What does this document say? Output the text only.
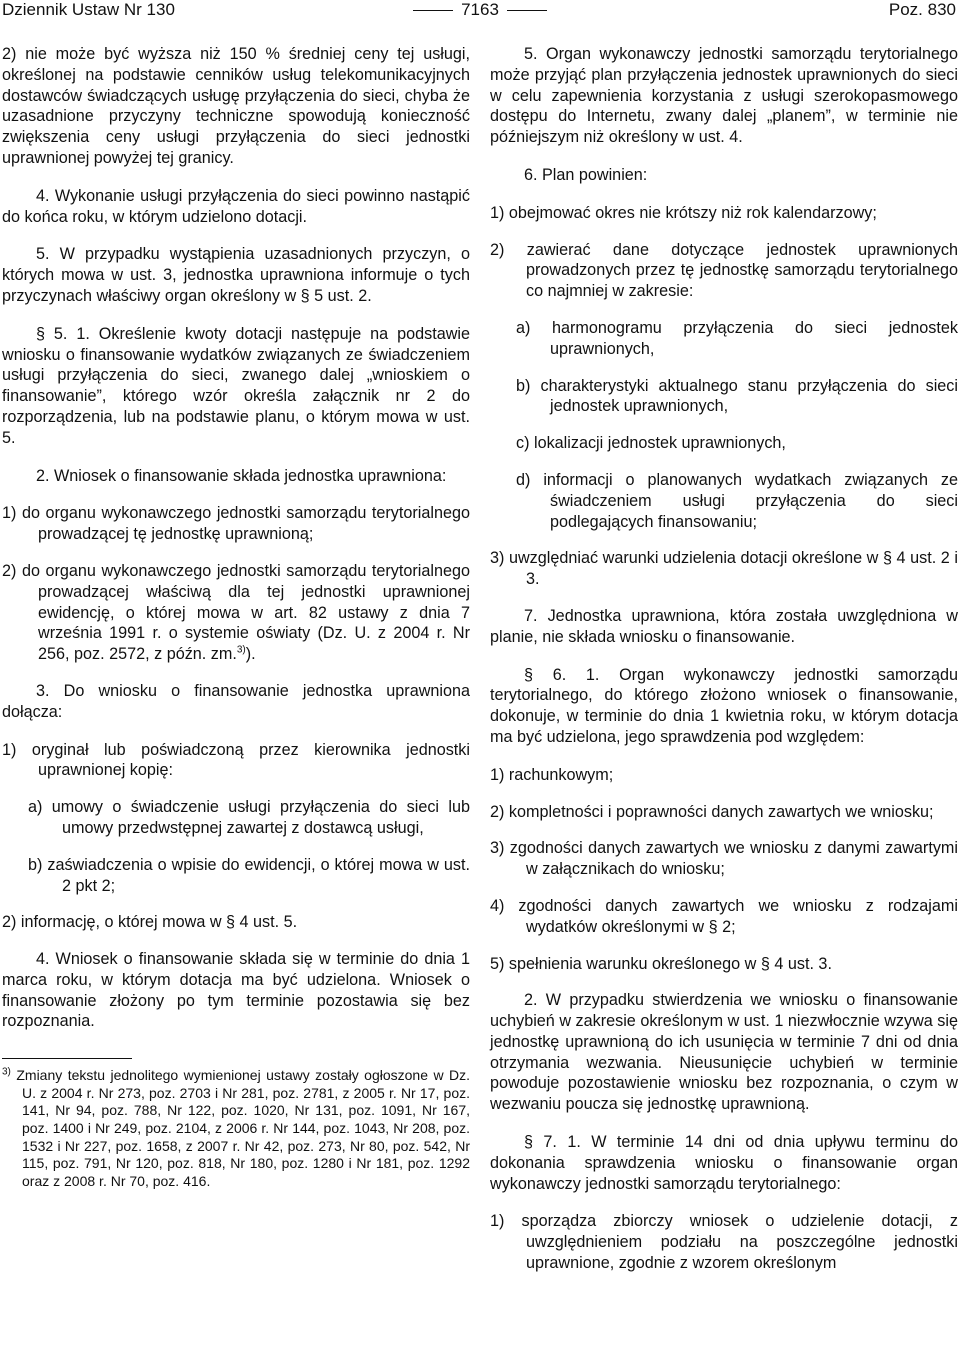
Dziennik Ustaw Nr 130	7163	Poz. 830

2) nie może być wyższa niż 150 % średniej ceny tej usługi, określonej na podstawie cenników usług telekomunikacyjnych dostawców świadczących usługę przyłączenia do sieci, chyba że uzasadnione przyczyny techniczne spowodują konieczność zwiększenia ceny usługi przyłączenia do sieci jednostki uprawnionej powyżej tej granicy.

4. Wykonanie usługi przyłączenia do sieci powinno nastąpić do końca roku, w którym udzielono dotacji.

5. W przypadku wystąpienia uzasadnionych przyczyn, o których mowa w ust. 3, jednostka uprawniona informuje o tych przyczynach właściwy organ określony w § 5 ust. 2.

§ 5. 1. Określenie kwoty dotacji następuje na podstawie wniosku o finansowanie wydatków związanych ze świadczeniem usługi przyłączenia do sieci, zwanego dalej „wnioskiem o finansowanie”, którego wzór określa załącznik nr 2 do rozporządzenia, lub na podstawie planu, o którym mowa w ust. 5.

2. Wniosek o finansowanie składa jednostka uprawniona:

1) do organu wykonawczego jednostki samorządu terytorialnego prowadzącej tę jednostkę uprawnioną;
2) do organu wykonawczego jednostki samorządu terytorialnego prowadzącej właściwą dla tej jednostki uprawnionej ewidencję, o której mowa w art. 82 ustawy z dnia 7 września 1991 r. o systemie oświaty (Dz. U. z 2004 r. Nr 256, poz. 2572, z późn. zm.$^{3)}$).

3. Do wniosku o finansowanie jednostka uprawniona dołącza:

1) oryginał lub poświadczoną przez kierownika jednostki uprawnionej kopię:
a) umowy o świadczenie usługi przyłączenia do sieci lub umowy przedwstępnej zawartej z dostawcą usługi,
b) zaświadczenia o wpisie do ewidencji, o której mowa w ust. 2 pkt 2;
2) informację, o której mowa w § 4 ust. 5.

4. Wniosek o finansowanie składa się w terminie do dnia 1 marca roku, w którym dotacja ma być udzielona. Wniosek o finansowanie złożony po tym terminie pozostawia się bez rozpoznania.

$^{3)}$ Zmiany tekstu jednolitego wymienionej ustawy zostały ogłoszone w Dz. U. z 2004 r. Nr 273, poz. 2703 i Nr 281, poz. 2781, z 2005 r. Nr 17, poz. 141, Nr 94, poz. 788, Nr 122, poz. 1020, Nr 131, poz. 1091, Nr 167, poz. 1400 i Nr 249, poz. 2104, z 2006 r. Nr 144, poz. 1043, Nr 208, poz. 1532 i Nr 227, poz. 1658, z 2007 r. Nr 42, poz. 273, Nr 80, poz. 542, Nr 115, poz. 791, Nr 120, poz. 818, Nr 180, poz. 1280 i Nr 181, poz. 1292 oraz z 2008 r. Nr 70, poz. 416.

5. Organ wykonawczy jednostki samorządu terytorialnego może przyjąć plan przyłączenia jednostek uprawnionych do sieci w celu zapewnienia korzystania z usługi szerokopasmowego dostępu do Internetu, zwany dalej „planem”, w terminie nie późniejszym niż określony w ust. 4.

6. Plan powinien:

1) obejmować okres nie krótszy niż rok kalendarzowy;
2) zawierać dane dotyczące jednostek uprawnionych prowadzonych przez tę jednostkę samorządu terytorialnego co najmniej w zakresie:
a) harmonogramu przyłączenia do sieci jednostek uprawnionych,
b) charakterystyki aktualnego stanu przyłączenia do sieci jednostek uprawnionych,
c) lokalizacji jednostek uprawnionych,
d) informacji o planowanych wydatkach związanych ze świadczeniem usługi przyłączenia do sieci podlegających finansowaniu;
3) uwzględniać warunki udzielenia dotacji określone w § 4 ust. 2 i 3.

7. Jednostka uprawniona, która została uwzględniona w planie, nie składa wniosku o finansowanie.

§ 6. 1. Organ wykonawczy jednostki samorządu terytorialnego, do którego złożono wniosek o finansowanie, dokonuje, w terminie do dnia 1 kwietnia roku, w którym dotacja ma być udzielona, jego sprawdzenia pod względem:

1) rachunkowym;
2) kompletności i poprawności danych zawartych we wniosku;
3) zgodności danych zawartych we wniosku z danymi zawartymi w załącznikach do wniosku;
4) zgodności danych zawartych we wniosku z rodzajami wydatków określonymi w § 2;
5) spełnienia warunku określonego w § 4 ust. 3.

2. W przypadku stwierdzenia we wniosku o finansowanie uchybień w zakresie określonym w ust. 1 niezwłocznie wzywa się jednostkę uprawnioną do ich usunięcia w terminie 7 dni od dnia otrzymania wezwania. Nieusunięcie uchybień w terminie powoduje pozostawienie wniosku bez rozpoznania, o czym w wezwaniu poucza się jednostkę uprawnioną.

§ 7. 1. W terminie 14 dni od dnia upływu terminu do dokonania sprawdzenia wniosku o finansowanie organ wykonawczy jednostki samorządu terytorialnego:

1) sporządza zbiorczy wniosek o udzielenie dotacji, z uwzględnieniem podziału na poszczególne jednostki uprawnione, zgodnie z wzorem określonym
